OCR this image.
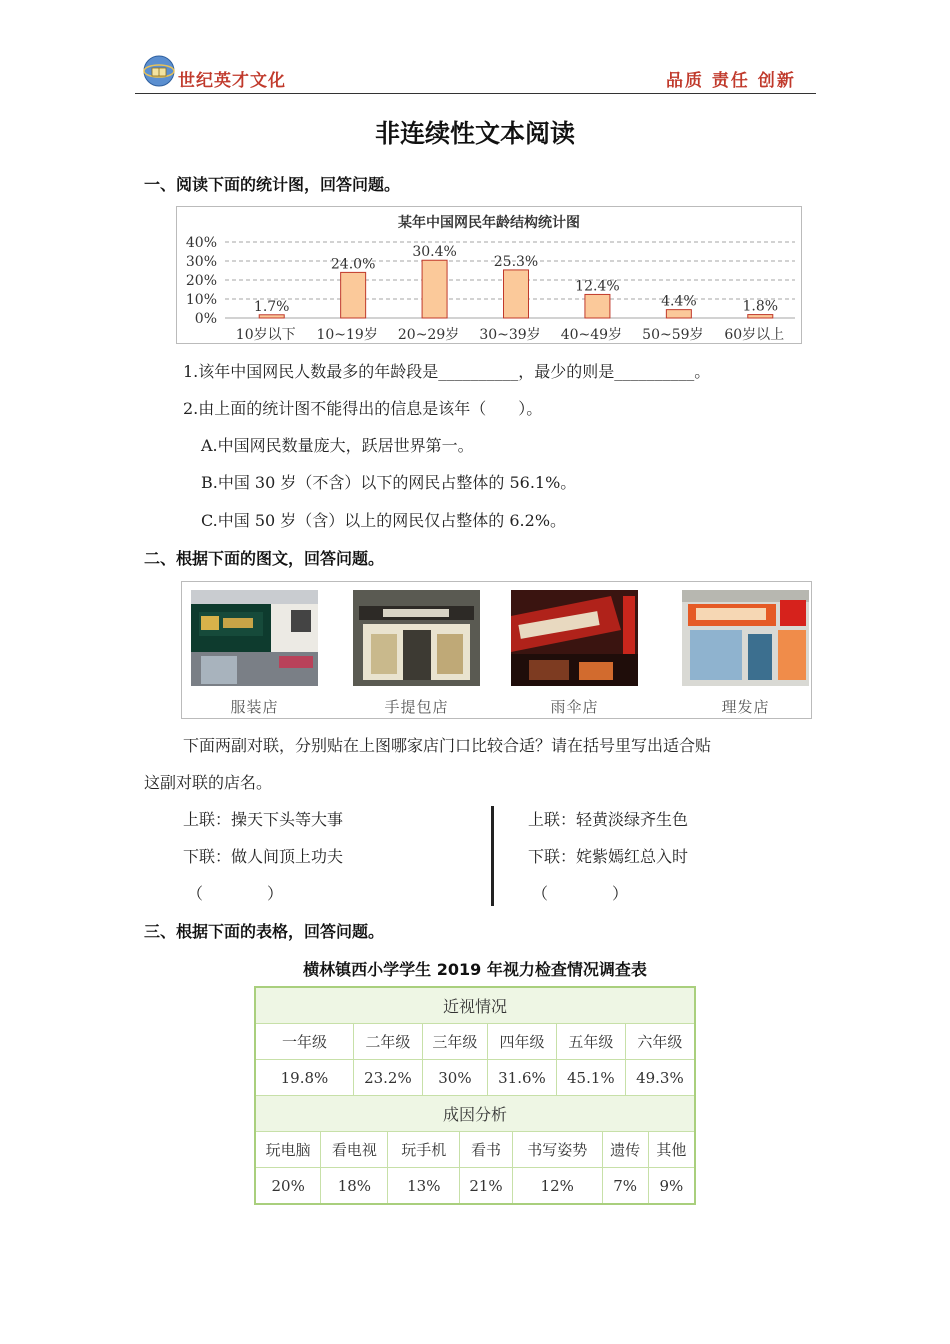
世纪英才文化	品质 责任 创新
非连续性文本阅读
一、阅读下面的统计图，回答问题。
某年中国网民年龄结构统计图
0%
10%
20%
30%
40%
1.7%
24.0%
30.4%
25.3%
12.4%
4.4%	1.8%
10岁以下 10~19岁 20~29岁 30~39岁 40~49岁 50~59岁 60岁以上
1.该年中国网民人数最多的年龄段是__________，最少的则是__________。
2.由上面的统计图不能得出的信息是该年（　　）。
A.中国网民数量庞大，跃居世界第一。
B.中国 30 岁（不含）以下的网民占整体的 56.1%。
C.中国 50 岁（含）以上的网民仅占整体的 6.2%。
二、根据下面的图文，回答问题。
服装店	手提包店	雨伞店	理发店
下面两副对联，分别贴在上图哪家店门口比较合适？请在括号里写出适合贴
这副对联的店名。
上联：操天下头等大事
下联：做人间顶上功夫
（　　　　）
上联：轻黄淡绿齐生色
下联：姹紫嫣红总入时
（　　　　）
三、根据下面的表格，回答问题。
横林镇西小学学生 2019 年视力检查情况调查表
近视情况											
一年级		二年级		三年级		四年级		五年级		六年级	
19.8%		23.2%		30%		31.6%		45.1%		49.3%	
成因分析											
玩电脑	看电视		玩手机		看书		书写姿势		遗传		其他
20%	18%		13%		21%		12%		7%		9%
